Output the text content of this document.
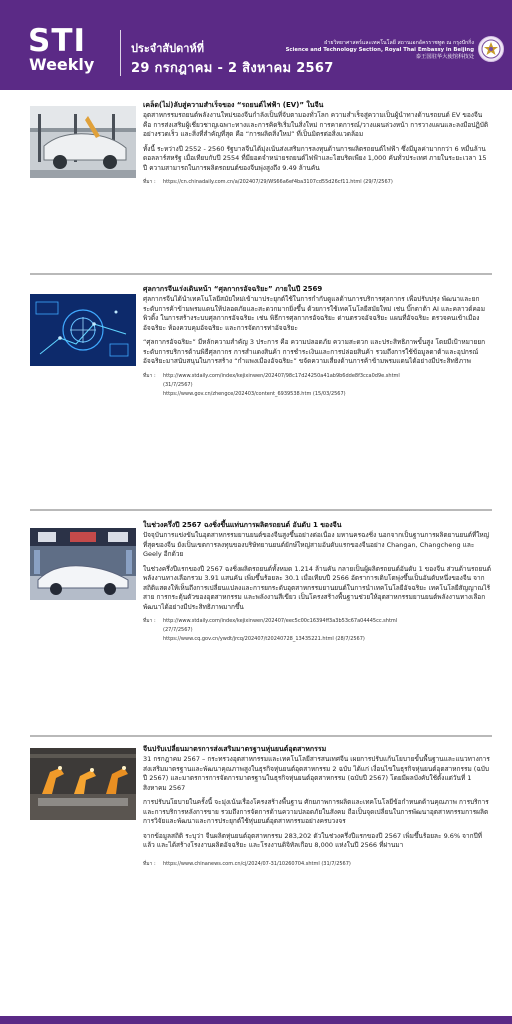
STI
Weekly
ประจำสัปดาห์ที่
29 กรกฎาคม - 2 สิงหาคม 2567
ฝ่ายวิทยาศาสตร์และเทคโนโลยี สถานเอกอัครราชทูต ณ กรุงปักกิ่ง
Science and Technology Section, Royal Thai Embassy in Beijing
泰王国驻华大使馆科技处
เคล็ด(ไม่)ลับสู่ความสำเร็จของ “รถยนต์ไฟฟ้า (EV)” ในจีน

อุตสาหกรรมรถยนต์พลังงานใหม่ของจีนกำลังเป็นที่จับตามองทั่วโลก ความสำเร็จสู่ความเป็นผู้นำทางด้านรถยนต์ EV ของจีน คือ การส่งเสริมผู้เชี่ยวชาญเฉพาะทางและการคิดริเริ่มในสิ่งใหม่ การคาดการณ์/วางแผนล่วงหน้า การวางแผนและลงมือปฏิบัติอย่างรวดเร็ว และสิ่งที่สำคัญที่สุด คือ “การผลิตสิ่งใหม่” ที่เป็นมิตรต่อสิ่งแวดล้อม

ทั้งนี้ ระหว่างปี 2552 - 2560 รัฐบาลจีนได้มุ่งเน้นส่งเสริมการลงทุนด้านการผลิตรถยนต์ไฟฟ้า ซึ่งมีมูลค่ามากกว่า 6 หมื่นล้านดอลลาร์สหรัฐ เมื่อเทียบกับปี 2554 ที่มียอดจำหน่ายรถยนต์ไฟฟ้าและไฮบริดเพียง 1,000 คันทั่วประเทศ ภายในระยะเวลา 15 ปี ความสามารถในการผลิตรถยนต์ของจีนพุ่งสูงถึง 9.49 ล้านคัน

ที่มา :	https://cn.chinadaily.com.cn/a/202407/29/WS66a6ef4ba3107cd55d26cf11.html (29/7/2567)
ศุลกากรจีนเร่งเดินหน้า “ศุลกากรอัจฉริยะ” ภายในปี 2569

ศุลกากรจีนได้นำเทคโนโลยีสมัยใหม่เข้ามาประยุกต์ใช้ในการกำกับดูแลด้านการบริการศุลกากร เพื่อปรับปรุง พัฒนาและยกระดับการค้าข้ามพรมแดนให้ปลอดภัยและสะดวกมากยิ่งขึ้น ด้วยการใช้เทคโนโลยีสมัยใหม่ เช่น บิ๊กดาต้า AI และคลาวด์คอมพิวติ้ง ในการสร้างระบบศุลกากรอัจฉริยะ เช่น พิธีการศุลกากรอัจฉริยะ ด่านตรวจอัจฉริยะ แผนที่อัจฉริยะ ตรวจคนเข้าเมืองอัจฉริยะ ห้องควบคุมอัจฉริยะ และการจัดการท่าอัจฉริยะ

“ศุลกากรอัจฉริยะ” มีหลักความสำคัญ 3 ประการ คือ ความปลอดภัย ความสะดวก และประสิทธิภาพขั้นสูง โดยมีเป้าหมายยกระดับการบริการด้านพิธีศุลกากร การสำแดงสินค้า การชำระเงินและการปล่อยสินค้า รวมถึงการใช้ข้อมูลดาต้าและอุปกรณ์อัจฉริยะมาสนับสนุนในการสร้าง “กำแพงเมืองอัจฉริยะ” ขจัดความเสี่ยงด้านการค้าข้ามพรมแดนได้อย่างมีประสิทธิภาพ

ที่มา :	http://www.stdaily.com/index/kejixinwen/202407/98c17d24250a41ab9b6dde8f3cca0d9e.shtml
(31/7/2567)
https://www.gov.cn/zhengce/202403/content_6939538.htm (15/03/2567)
ในช่วงครึ่งปี 2567 ฉงชิ่งขึ้นแท่นการผลิตรถยนต์ อันดับ 1 ของจีน

ปัจจุบันการแข่งขันในอุตสาหกรรมยานยนต์ของจีนสูงขึ้นอย่างต่อเนื่อง มหานครฉงชิ่ง นอกจากเป็นฐานการผลิตยานยนต์ที่ใหญ่ที่สุดของจีน ยังเป็นเขตการลงทุนของบริษัทยานยนต์ยักษ์ใหญ่สามอันดับแรกของจีนอย่าง Changan, Changcheng และ Geely อีกด้วย

ในช่วงครึ่งปีแรกของปี 2567 ฉงชิ่งผลิตรถยนต์ทั้งหมด 1.214 ล้านคัน กลายเป็นผู้ผลิตรถยนต์อันดับ 1 ของจีน ส่วนด้านรถยนต์พลังงานทางเลือกรวม 3.91 แสนคัน เพิ่มขึ้นร้อยละ 30.1 เมื่อเทียบปี 2566 อัตราการเติบโตพุ่งขึ้นเป็นอันดับหนึ่งของจีน จากสถิติแสดงให้เห็นถึงการเปลี่ยนแปลงและการยกระดับอุตสาหกรรมยานยนต์ในการนำเทคโนโลยีอัจฉริยะ เทคโนโลยีสัญญาณไร้สาย การกระตุ้นตัวของอุตสาหกรรม และพลังงานสีเขียว เป็นโครงสร้างพื้นฐานช่วยให้อุตสาหกรรมยานยนต์พลังงานทางเลือกพัฒนาได้อย่างมีประสิทธิภาพมากขึ้น

ที่มา :	http://www.stdaily.com/index/kejixinwen/202407/eec5c00c16394ff3a3b53c67a04445cc.shtml
(27/7/2567)
https://www.cq.gov.cn/ywdt/jrcq/202407/t20240728_13435221.html (28/7/2567)
จีนปรับเปลี่ยนมาตรการส่งเสริมมาตรฐานหุ่นยนต์อุตสาหกรรม

31 กรกฎาคม 2567 – กระทรวงอุตสาหกรรมและเทคโนโลยีสารสนเทศจีน เผยการปรับแก้นโยบายขั้นพื้นฐานและแนวทางการส่งเสริมมาตรฐานและพัฒนาคุณภาพสูงในธุรกิจหุ่นยนต์อุตสาหกรรม 2 ฉบับ ได้แก่ เงื่อนไขในธุรกิจหุ่นยนต์อุตสาหกรรม (ฉบับปี 2567) และมาตรการการจัดการมาตรฐานในธุรกิจหุ่นยนต์อุตสาหกรรม (ฉบับปี 2567) โดยมีผลบังคับใช้ตั้งแต่วันที่ 1 สิงหาคม 2567

การปรับนโยบายในครั้งนี้ จะมุ่งเน้นเรื่องโครงสร้างพื้นฐาน ศักยภาพการผลิตและเทคโนโลยีข้อกำหนดด้านคุณภาพ การบริการและการบริการหลังการขาย รวมถึงการจัดการด้านความปลอดภัยในสังคม ถือเป็นจุดเปลี่ยนในการพัฒนาอุตสาหกรรมการผลิต การวิจัยและพัฒนาและการประยุกต์ใช้หุ่นยนต์อุตสาหกรรมอย่างครบวงจร

จากข้อมูลสถิติ ระบุว่า จีนผลิตหุ่นยนต์อุตสาหกรรม 283,202 ตัวในช่วงครึ่งปีแรกของปี 2567 เพิ่มขึ้นร้อยละ 9.6% จากปีที่แล้ว และได้สร้างโรงงานผลิตอัจฉริยะ และโรงงานดิจิทัลเกือบ 8,000 แห่งในปี 2566 ที่ผ่านมา

ที่มา :	https://www.chinanews.com.cn/cj/2024/07-31/10260704.shtml (31/7/2567)
